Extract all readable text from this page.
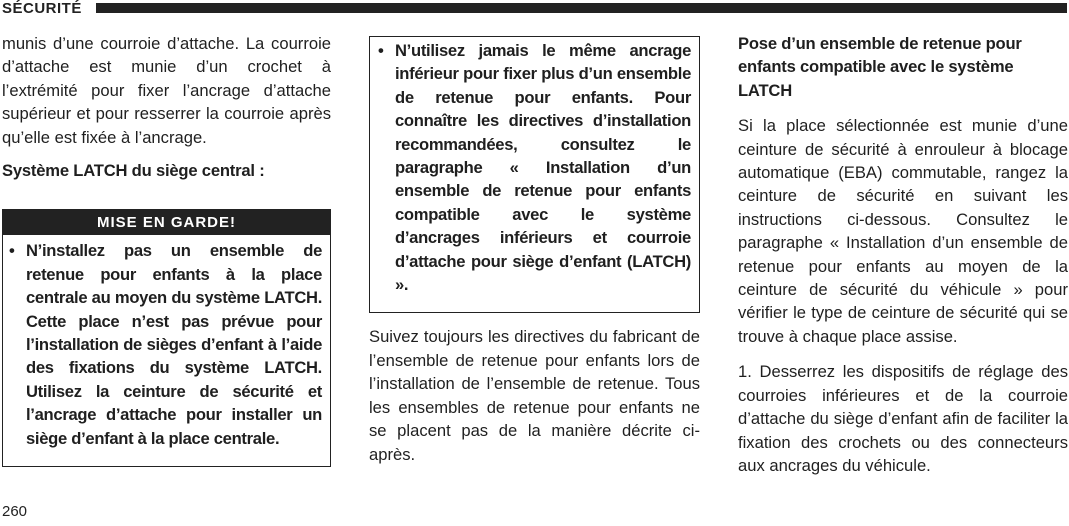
SÉCURITÉ

munis d’une courroie d’attache. La courroie d’attache est munie d’un crochet à l’extrémité pour fixer l’ancrage d’attache supérieur et pour resserrer la courroie après qu’elle est fixée à l’ancrage.

Système LATCH du siège central :

MISE EN GARDE!
• N’installez pas un ensemble de retenue pour enfants à la place centrale au moyen du système LATCH. Cette place n’est pas prévue pour l’installation de sièges d’enfant à l’aide des fixations du système LATCH. Utilisez la ceinture de sécurité et l’ancrage d’attache pour installer un siège d’enfant à la place centrale.
• N’utilisez jamais le même ancrage inférieur pour fixer plus d’un ensemble de retenue pour enfants. Pour connaître les directives d’installation recommandées, consultez le paragraphe « Installation d’un ensemble de retenue pour enfants compatible avec le système d’ancrages inférieurs et courroie d’attache pour siège d’enfant (LATCH) ».

Suivez toujours les directives du fabricant de l’ensemble de retenue pour enfants lors de l’installation de l’ensemble de retenue. Tous les ensembles de retenue pour enfants ne se placent pas de la manière décrite ci-après.

Pose d’un ensemble de retenue pour enfants compatible avec le système LATCH

Si la place sélectionnée est munie d’une ceinture de sécurité à enrouleur à blocage automatique (EBA) commutable, rangez la ceinture de sécurité en suivant les instructions ci-dessous. Consultez le paragraphe « Installation d’un ensemble de retenue pour enfants au moyen de la ceinture de sécurité du véhicule » pour vérifier le type de ceinture de sécurité qui se trouve à chaque place assise.

1. Desserrez les dispositifs de réglage des courroies inférieures et de la courroie d’attache du siège d’enfant afin de faciliter la fixation des crochets ou des connecteurs aux ancrages du véhicule.

260
